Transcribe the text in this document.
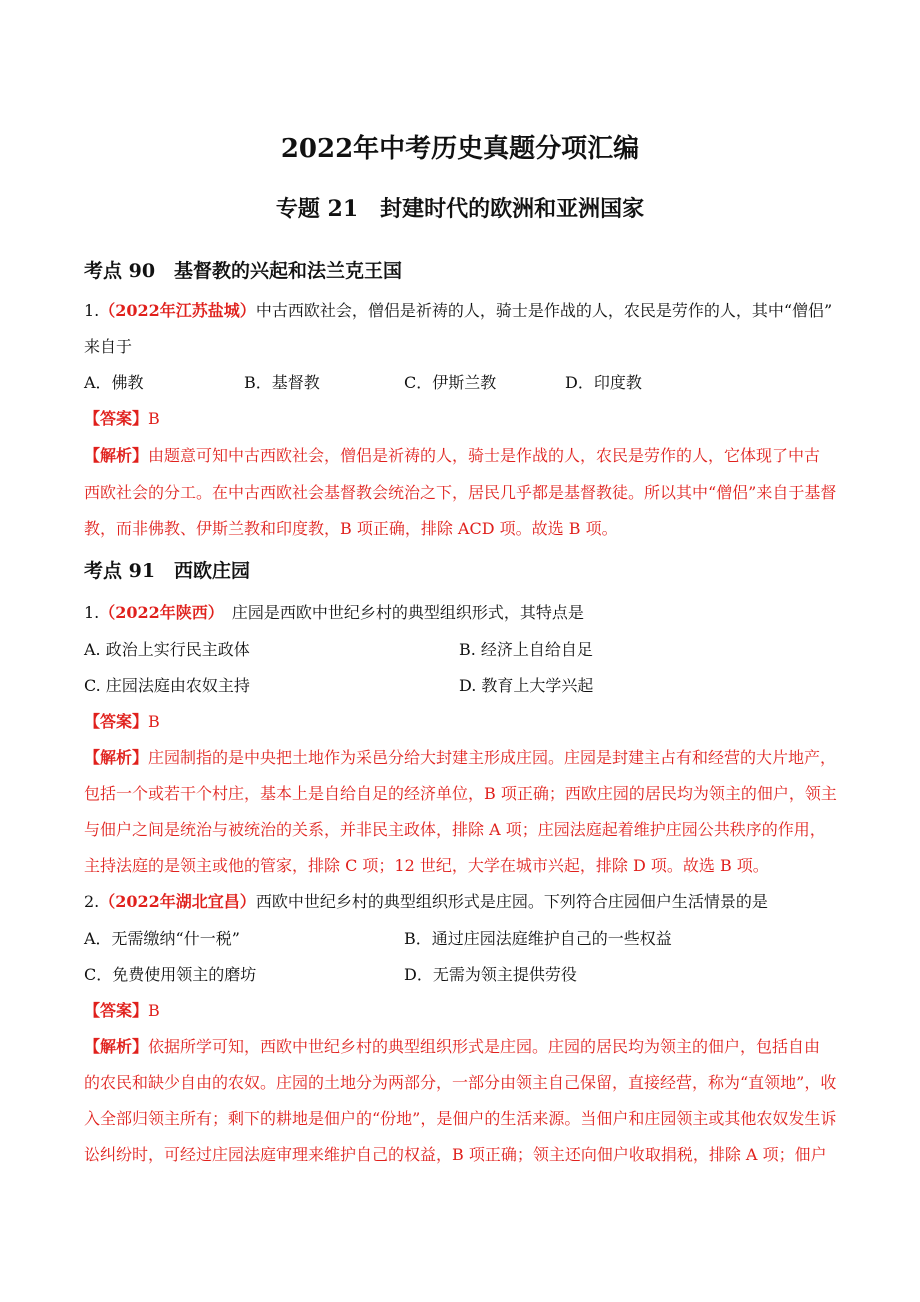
2022年中考历史真题分项汇编
专题 21　封建时代的欧洲和亚洲国家
考点 90　基督教的兴起和法兰克王国
1.（2022年江苏盐城）中古西欧社会，僧侣是祈祷的人，骑士是作战的人，农民是劳作的人，其中“僧侣”
来自于
A．佛教	B．基督教	C．伊斯兰教	D．印度教
【答案】B
【解析】由题意可知中古西欧社会，僧侣是祈祷的人，骑士是作战的人，农民是劳作的人，它体现了中古
西欧社会的分工。在中古西欧社会基督教会统治之下，居民几乎都是基督教徒。所以其中“僧侣”来自于基督
教，而非佛教、伊斯兰教和印度教，B 项正确，排除 ACD 项。故选 B 项。
考点 91　西欧庄园
1.（2022年陕西）　庄园是西欧中世纪乡村的典型组织形式，其特点是
A. 政治上实行民主政体	B. 经济上自给自足
C. 庄园法庭由农奴主持	D. 教育上大学兴起
【答案】B
【解析】庄园制指的是中央把土地作为采邑分给大封建主形成庄园。庄园是封建主占有和经营的大片地产，
包括一个或若干个村庄，基本上是自给自足的经济单位，B 项正确；西欧庄园的居民均为领主的佃户，领主
与佃户之间是统治与被统治的关系，并非民主政体，排除 A 项；庄园法庭起着维护庄园公共秩序的作用，
主持法庭的是领主或他的管家，排除 C 项；12 世纪，大学在城市兴起，排除 D 项。故选 B 项。
2.（2022年湖北宜昌）西欧中世纪乡村的典型组织形式是庄园。下列符合庄园佃户生活情景的是
A．无需缴纳“什一税”	B．通过庄园法庭维护自己的一些权益
C．免费使用领主的磨坊	D．无需为领主提供劳役
【答案】B
【解析】依据所学可知，西欧中世纪乡村的典型组织形式是庄园。庄园的居民均为领主的佃户，包括自由
的农民和缺少自由的农奴。庄园的土地分为两部分，一部分由领主自己保留，直接经营，称为“直领地”，收
入全部归领主所有；剩下的耕地是佃户的“份地”，是佃户的生活来源。当佃户和庄园领主或其他农奴发生诉
讼纠纷时，可经过庄园法庭审理来维护自己的权益，B 项正确；领主还向佃户收取捐税，排除 A 项；佃户
